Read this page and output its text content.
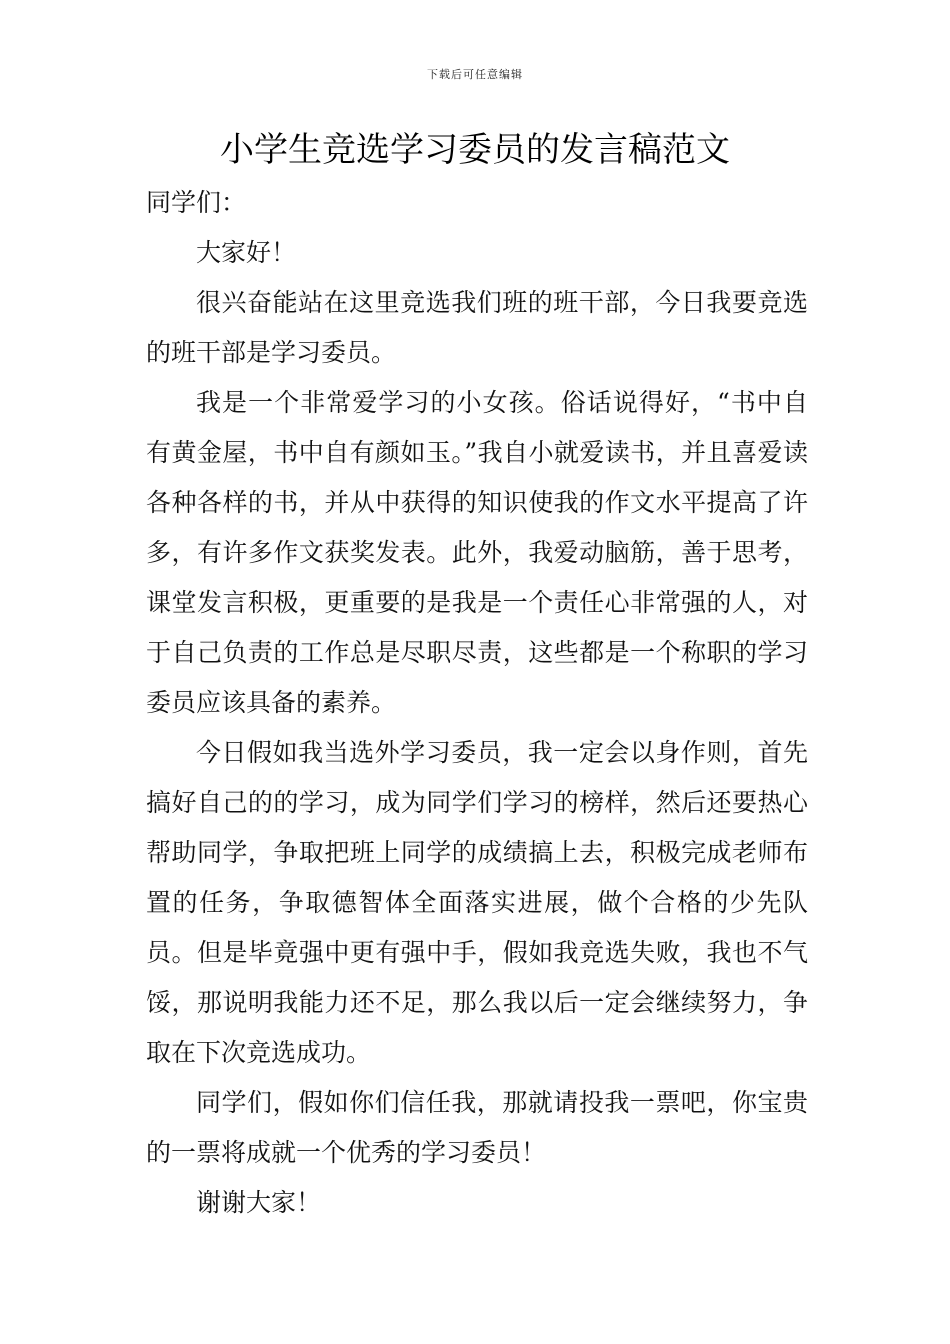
下载后可任意编辑
小学生竞选学习委员的发言稿范文

同学们：

大家好！

很兴奋能站在这里竞选我们班的班干部，今日我要竞选的班干部是学习委员。

我是一个非常爱学习的小女孩。俗话说得好，“书中自有黄金屋，书中自有颜如玉。”我自小就爱读书，并且喜爱读各种各样的书，并从中获得的知识使我的作文水平提高了许多，有许多作文获奖发表。此外，我爱动脑筋，善于思考，课堂发言积极，更重要的是我是一个责任心非常强的人，对于自己负责的工作总是尽职尽责，这些都是一个称职的学习委员应该具备的素养。

今日假如我当选外学习委员，我一定会以身作则，首先搞好自己的的学习，成为同学们学习的榜样，然后还要热心帮助同学，争取把班上同学的成绩搞上去，积极完成老师布置的任务，争取德智体全面落实进展，做个合格的少先队员。但是毕竟强中更有强中手，假如我竞选失败，我也不气馁，那说明我能力还不足，那么我以后一定会继续努力，争取在下次竞选成功。

同学们，假如你们信任我，那就请投我一票吧，你宝贵的一票将成就一个优秀的学习委员！

谢谢大家！
